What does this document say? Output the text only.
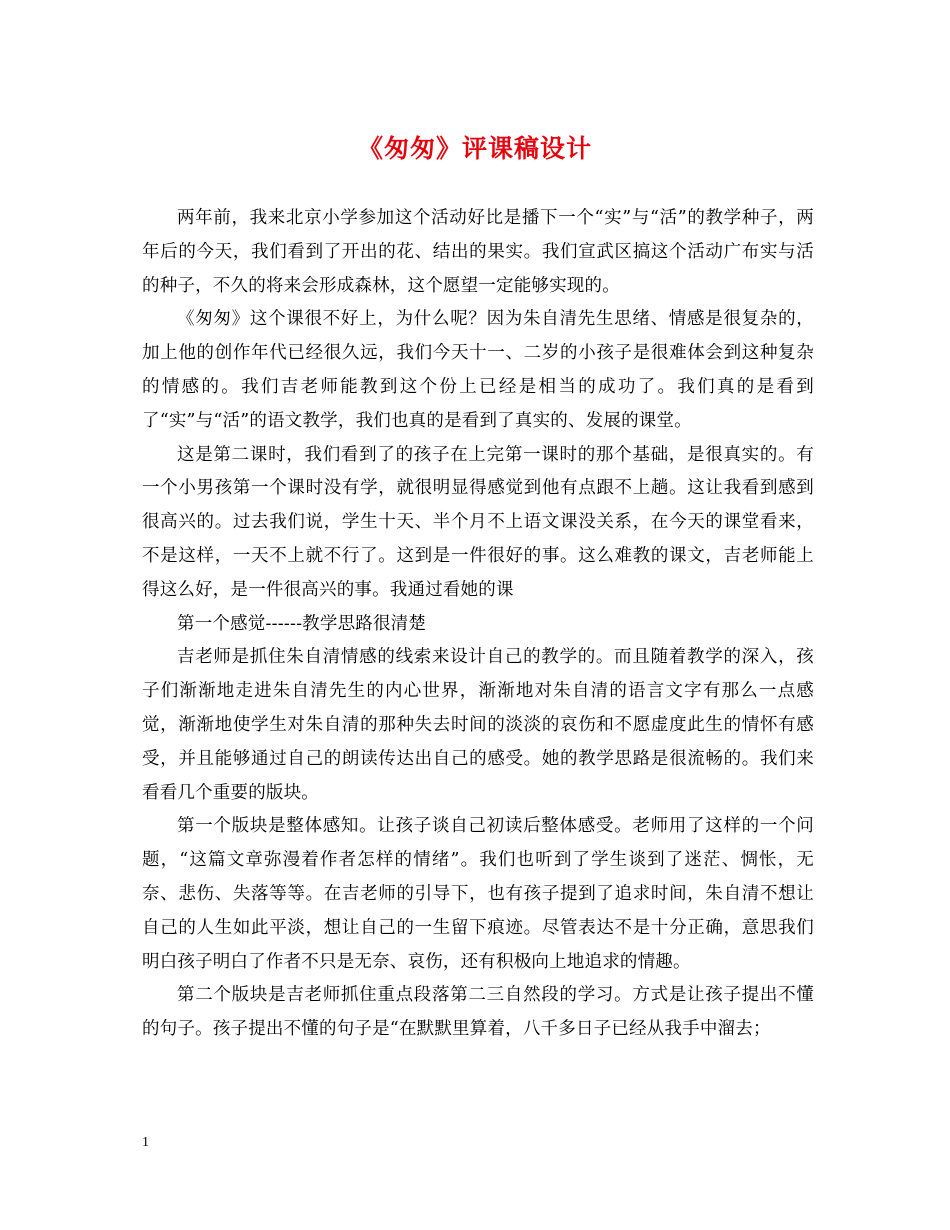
《匆匆》评课稿设计

两年前，我来北京小学参加这个活动好比是播下一个“实”与“活”的教学种子，两年后的今天，我们看到了开出的花、结出的果实。我们宣武区搞这个活动广布实与活的种子，不久的将来会形成森林，这个愿望一定能够实现的。

《匆匆》这个课很不好上，为什么呢？因为朱自清先生思绪、情感是很复杂的，加上他的创作年代已经很久远，我们今天十一、二岁的小孩子是很难体会到这种复杂的情感的。我们吉老师能教到这个份上已经是相当的成功了。我们真的是看到了“实”与“活”的语文教学，我们也真的是看到了真实的、发展的课堂。

这是第二课时，我们看到了的孩子在上完第一课时的那个基础，是很真实的。有一个小男孩第一个课时没有学，就很明显得感觉到他有点跟不上趟。这让我看到感到很高兴的。过去我们说，学生十天、半个月不上语文课没关系，在今天的课堂看来，不是这样，一天不上就不行了。这到是一件很好的事。这么难教的课文，吉老师能上得这么好，是一件很高兴的事。我通过看她的课

第一个感觉------教学思路很清楚

吉老师是抓住朱自清情感的线索来设计自己的教学的。而且随着教学的深入，孩子们渐渐地走进朱自清先生的内心世界，渐渐地对朱自清的语言文字有那么一点感觉，渐渐地使学生对朱自清的那种失去时间的淡淡的哀伤和不愿虚度此生的情怀有感受，并且能够通过自己的朗读传达出自己的感受。她的教学思路是很流畅的。我们来看看几个重要的版块。

第一个版块是整体感知。让孩子谈自己初读后整体感受。老师用了这样的一个问题，“这篇文章弥漫着作者怎样的情绪”。我们也听到了学生谈到了迷茫、惆怅，无奈、悲伤、失落等等。在吉老师的引导下，也有孩子提到了追求时间，朱自清不想让自己的人生如此平淡，想让自己的一生留下痕迹。尽管表达不是十分正确，意思我们明白孩子明白了作者不只是无奈、哀伤，还有积极向上地追求的情趣。

第二个版块是吉老师抓住重点段落第二三自然段的学习。方式是让孩子提出不懂的句子。孩子提出不懂的句子是“在默默里算着，八千多日子已经从我手中溜去；

1
